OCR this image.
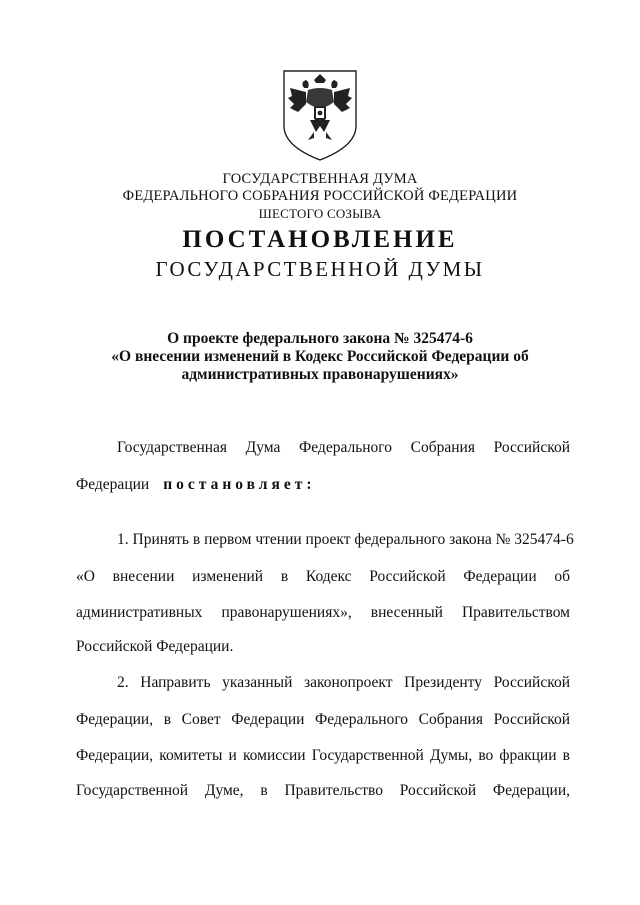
ГОСУДАРСТВЕННАЯ ДУМА
ФЕДЕРАЛЬНОГО СОБРАНИЯ РОССИЙСКОЙ ФЕДЕРАЦИИ
ШЕСТОГО СОЗЫВА
ПОСТАНОВЛЕНИЕ
ГОСУДАРСТВЕННОЙ ДУМЫ
О проекте федерального закона № 325474-6
«О внесении изменений в Кодекс Российской Федерации об
административных правонарушениях»
Государственная Дума Федерального Собрания Российской
Федерации постановляет:
1. Принять в первом чтении проект федерального закона № 325474-6
«О внесении изменений в Кодекс Российской Федерации об
административных правонарушениях», внесенный Правительством
Российской Федерации.
2. Направить указанный законопроект Президенту Российской
Федерации, в Совет Федерации Федерального Собрания Российской
Федерации, комитеты и комиссии Государственной Думы, во фракции в
Государственной Думе, в Правительство Российской Федерации,
